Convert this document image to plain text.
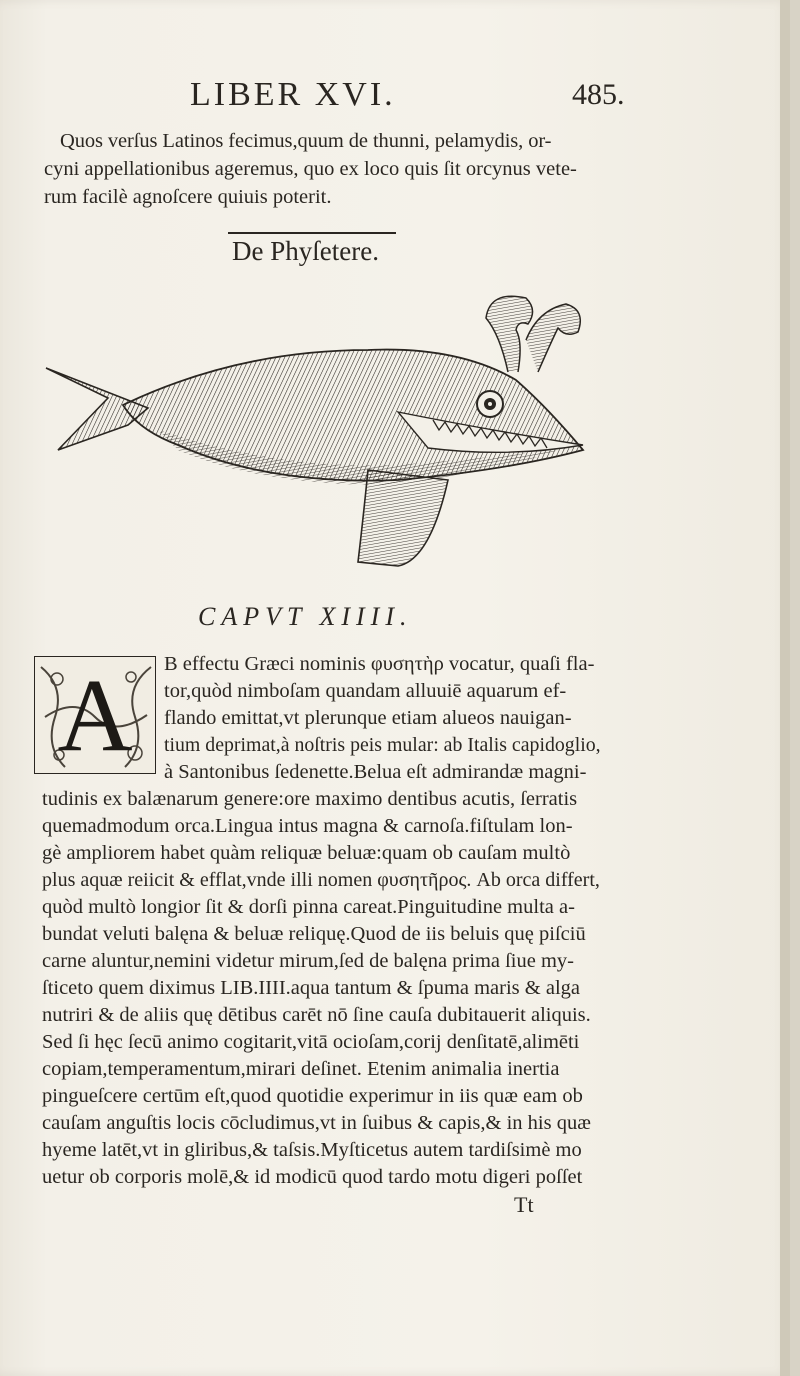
LIBER XVI.	485.
Quos verſus Latinos fecimus,quum de thunni, pelamydis, or-
cyni appellationibus ageremus, quo ex loco quis ſit orcynus vete-
rum facilè agnoſcere quiuis poterit.
De Phyſetere.
CAPVT XIIII.
A	B effectu Græci nominis φυσητὴρ vocatur, quaſi fla-
tor,quòd nimboſam quandam alluuiē aquarum ef-
flando emittat,vt plerunque etiam alueos nauigan-
tium deprimat,à noſtris peis mular: ab Italis capidoglio,
à Santonibus ſedenette.Belua eſt admirandæ magni-
tudinis ex balænarum genere:ore maximo dentibus acutis, ſerratis
quemadmodum orca.Lingua intus magna & carnoſa.fiſtulam lon-
gè ampliorem habet quàm reliquæ beluæ:quam ob cauſam multò
plus aquæ reiicit & efflat,vnde illi nomen φυσητῆρος. Ab orca differt,
quòd multò longior ſit & dorſi pinna careat.Pinguitudine multa a-
bundat veluti balęna & beluæ reliquę.Quod de iis beluis quę piſciū
carne aluntur,nemini videtur mirum,ſed de balęna prima ſiue my-
ſticeto quem diximus LIB.IIII.aqua tantum & ſpuma maris & alga
nutriri & de aliis quę dētibus carēt nō ſine cauſa dubitauerit aliquis.
Sed ſi hęc ſecū animo cogitarit,vitā ocioſam,corij denſitatē,alimēti
copiam,temperamentum,mirari deſinet. Etenim animalia inertia
pingueſcere certūm eſt,quod quotidie experimur in iis quæ eam ob
cauſam anguſtis locis cōcludimus,vt in ſuibus & capis,& in his quæ
hyeme latēt,vt in gliribus,& taſsis.Myſticetus autem tardiſsimè mo
uetur ob corporis molē,& id modicū quod tardo motu digeri poſſet
Tt
